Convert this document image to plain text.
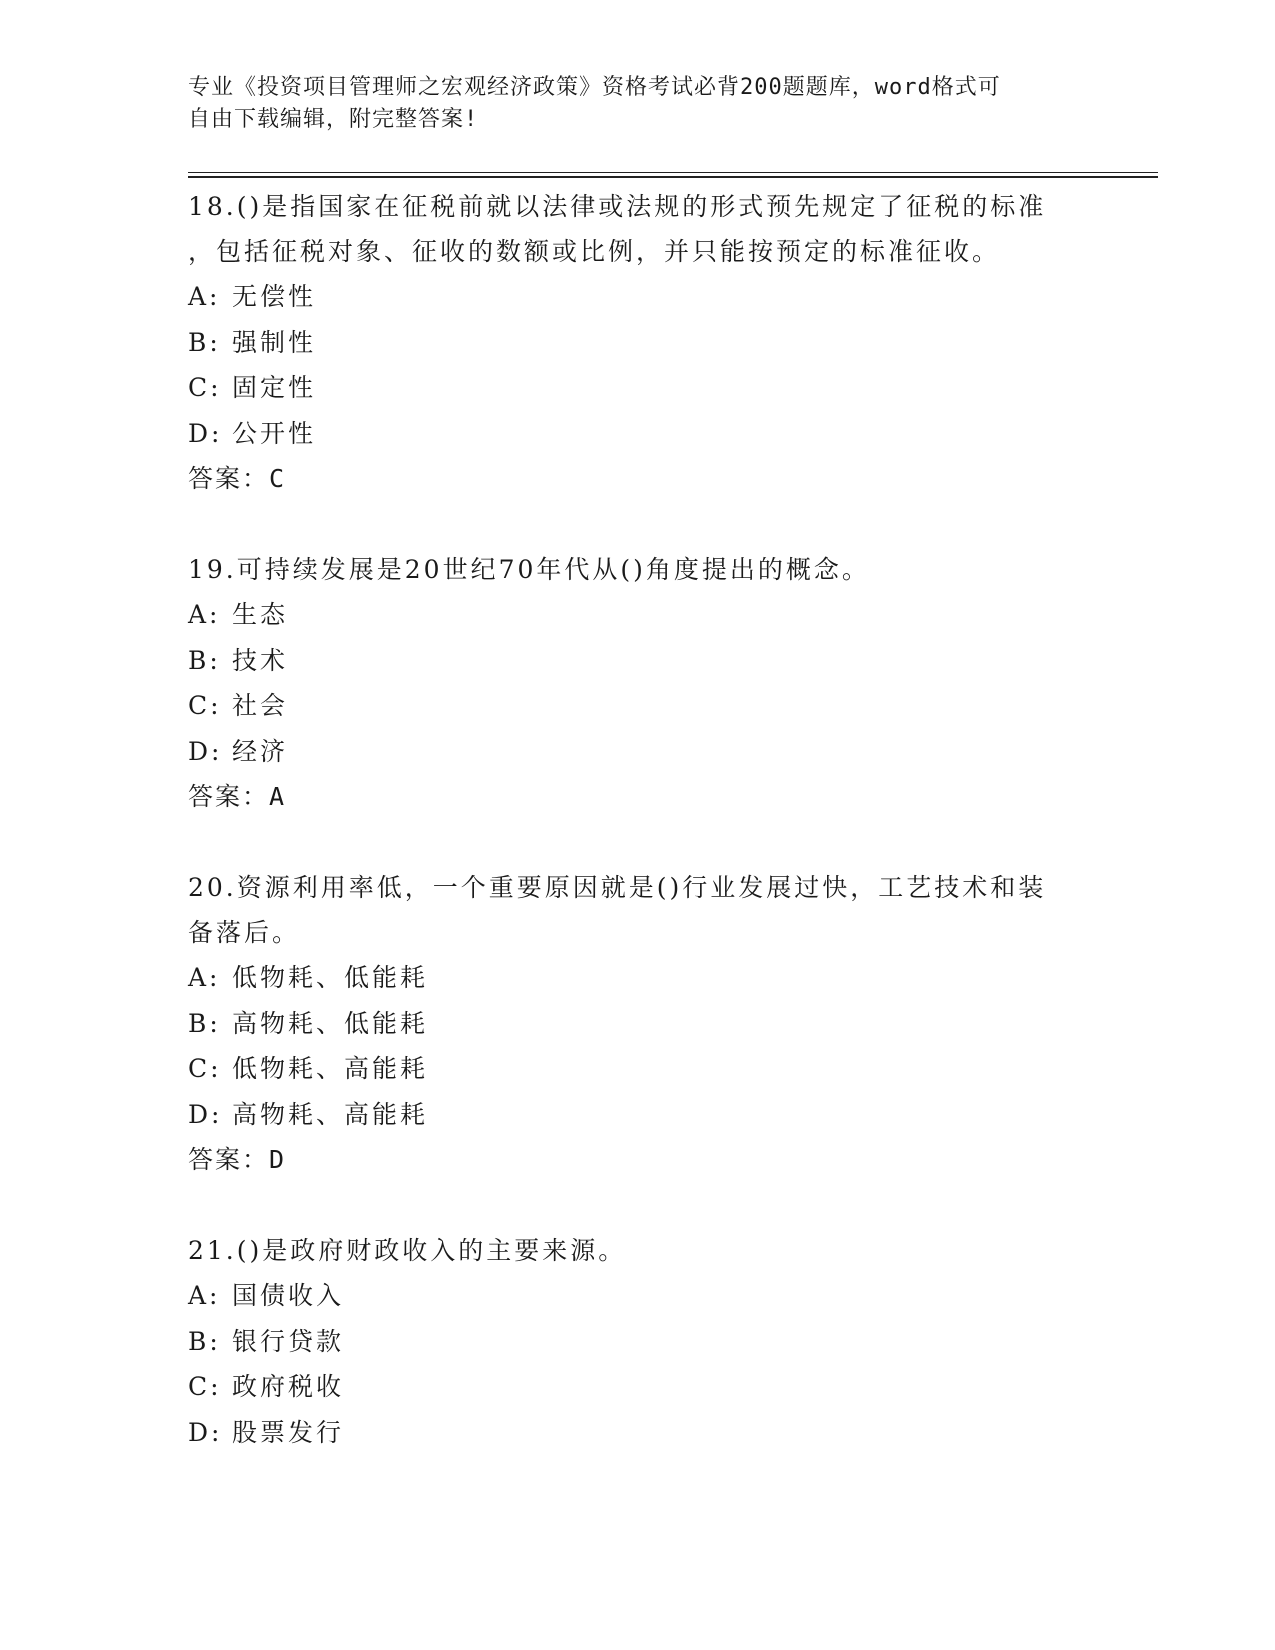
专业《投资项目管理师之宏观经济政策》资格考试必背200题题库，word格式可
自由下载编辑，附完整答案!
18.()是指国家在征税前就以法律或法规的形式预先规定了征税的标准
，包括征税对象、征收的数额或比例，并只能按预定的标准征收。
A: 无偿性
B: 强制性
C: 固定性
D: 公开性
答案：C
19.可持续发展是20世纪70年代从()角度提出的概念。
A: 生态
B: 技术
C: 社会
D: 经济
答案：A
20.资源利用率低，一个重要原因就是()行业发展过快，工艺技术和装
备落后。
A: 低物耗、低能耗
B: 高物耗、低能耗
C: 低物耗、高能耗
D: 高物耗、高能耗
答案：D
21.()是政府财政收入的主要来源。
A: 国债收入
B: 银行贷款
C: 政府税收
D: 股票发行
